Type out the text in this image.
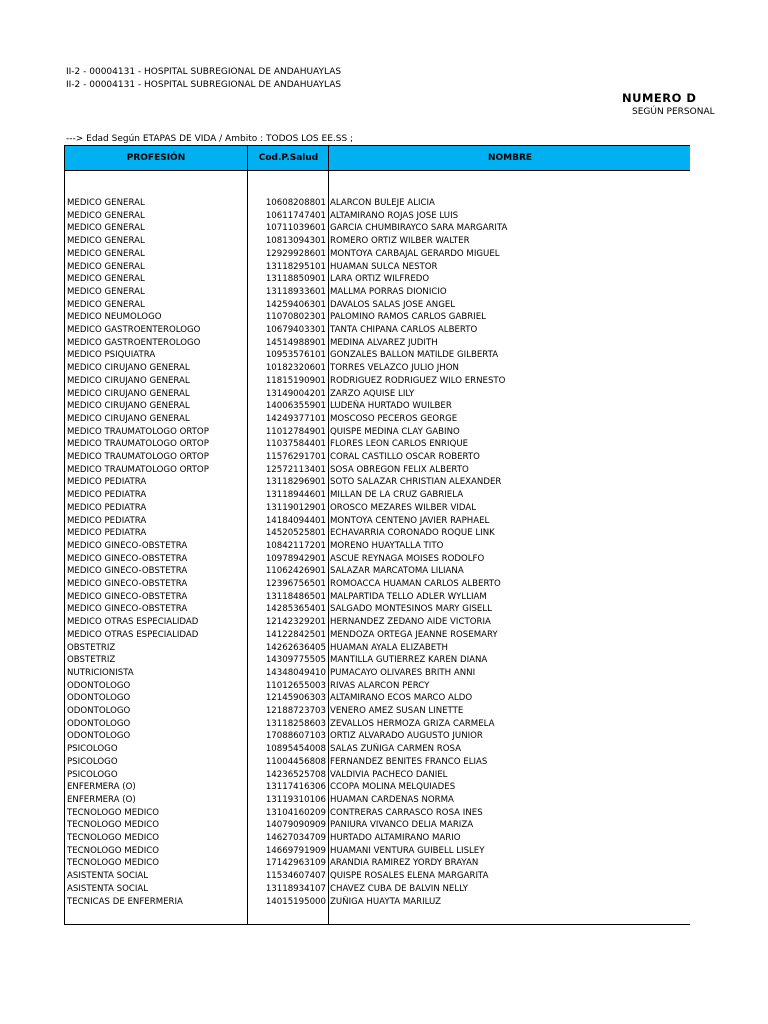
II-2 - 00004131 - HOSPITAL SUBREGIONAL DE ANDAHUAYLAS
II-2 - 00004131 - HOSPITAL SUBREGIONAL DE ANDAHUAYLAS
NUMERO D
SEGÚN PERSONAL
---> Edad Según ETAPAS DE VIDA / Ambito : TODOS LOS EE.SS ;
PROFESIÓN	Cod.P.Salud	NOMBRE
MEDICO GENERAL	10608208801 ALARCON BULEJE ALICIA
MEDICO GENERAL	10611747401 ALTAMIRANO ROJAS JOSE LUIS
MEDICO GENERAL	10711039601 GARCIA CHUMBIRAYCO SARA MARGARITA
MEDICO GENERAL	10813094301 ROMERO ORTIZ WILBER WALTER
MEDICO GENERAL	12929928601 MONTOYA CARBAJAL GERARDO MIGUEL
MEDICO GENERAL	13118295101 HUAMAN SULCA NESTOR
MEDICO GENERAL	13118850901 LARA ORTIZ WILFREDO
MEDICO GENERAL	13118933601 MALLMA PORRAS DIONICIO
MEDICO GENERAL	14259406301 DAVALOS SALAS JOSE ANGEL
MEDICO NEUMOLOGO	11070802301 PALOMINO RAMOS CARLOS GABRIEL
MEDICO GASTROENTEROLOGO	10679403301 TANTA CHIPANA CARLOS ALBERTO
MEDICO GASTROENTEROLOGO	14514988901 MEDINA ALVAREZ JUDITH
MEDICO PSIQUIATRA	10953576101 GONZALES BALLON MATILDE GILBERTA
MEDICO CIRUJANO GENERAL	10182320601 TORRES VELAZCO JULIO JHON
MEDICO CIRUJANO GENERAL	11815190901 RODRIGUEZ RODRIGUEZ WILO ERNESTO
MEDICO CIRUJANO GENERAL	13149004201 ZARZO AQUISE LILY
MEDICO CIRUJANO GENERAL	14006355901 LUDEÑA HURTADO WUILBER
MEDICO CIRUJANO GENERAL	14249377101 MOSCOSO PECEROS GEORGE
MEDICO TRAUMATOLOGO ORTOP	11012784901 QUISPE MEDINA CLAY GABINO
MEDICO TRAUMATOLOGO ORTOP	11037584401 FLORES LEON CARLOS ENRIQUE
MEDICO TRAUMATOLOGO ORTOP	11576291701 CORAL CASTILLO OSCAR ROBERTO
MEDICO TRAUMATOLOGO ORTOP	12572113401 SOSA OBREGON FELIX ALBERTO
MEDICO PEDIATRA	13118296901 SOTO SALAZAR CHRISTIAN ALEXANDER
MEDICO PEDIATRA	13118944601 MILLAN DE LA CRUZ GABRIELA
MEDICO PEDIATRA	13119012901 OROSCO MEZARES WILBER VIDAL
MEDICO PEDIATRA	14184094401 MONTOYA CENTENO JAVIER RAPHAEL
MEDICO PEDIATRA	14520525801 ECHAVARRIA CORONADO ROQUE LINK
MEDICO GINECO-OBSTETRA	10842117201 MORENO HUAYTALLA TITO
MEDICO GINECO-OBSTETRA	10978942901 ASCUE REYNAGA MOISES RODOLFO
MEDICO GINECO-OBSTETRA	11062426901 SALAZAR MARCATOMA LILIANA
MEDICO GINECO-OBSTETRA	12396756501 ROMOACCA HUAMAN CARLOS ALBERTO
MEDICO GINECO-OBSTETRA	13118486501 MALPARTIDA TELLO ADLER WYLLIAM
MEDICO GINECO-OBSTETRA	14285365401 SALGADO MONTESINOS MARY GISELL
MEDICO OTRAS ESPECIALIDAD	12142329201 HERNANDEZ ZEDANO AIDE VICTORIA
MEDICO OTRAS ESPECIALIDAD	14122842501 MENDOZA ORTEGA JEANNE ROSEMARY
OBSTETRIZ	14262636405 HUAMAN AYALA ELIZABETH
OBSTETRIZ	14309775505 MANTILLA GUTIERREZ KAREN DIANA
NUTRICIONISTA	14348049410 PUMACAYO OLIVARES BRITH ANNI
ODONTOLOGO	11012655003 RIVAS ALARCON PERCY
ODONTOLOGO	12145906303 ALTAMIRANO ECOS MARCO ALDO
ODONTOLOGO	12188723703 VENERO AMEZ SUSAN LINETTE
ODONTOLOGO	13118258603 ZEVALLOS HERMOZA GRIZA CARMELA
ODONTOLOGO	17088607103 ORTIZ ALVARADO AUGUSTO JUNIOR
PSICOLOGO	10895454008 SALAS ZUÑIGA CARMEN ROSA
PSICOLOGO	11004456808 FERNANDEZ BENITES FRANCO ELIAS
PSICOLOGO	14236525708 VALDIVIA PACHECO DANIEL
ENFERMERA (O)	13117416306 CCOPA MOLINA MELQUIADES
ENFERMERA (O)	13119310106 HUAMAN CARDENAS NORMA
TECNOLOGO MEDICO	13104160209 CONTRERAS CARRASCO ROSA INES
TECNOLOGO MEDICO	14079090909 PANIURA VIVANCO DELIA MARIZA
TECNOLOGO MEDICO	14627034709 HURTADO ALTAMIRANO MARIO
TECNOLOGO MEDICO	14669791909 HUAMANI VENTURA GUIBELL LISLEY
TECNOLOGO MEDICO	17142963109 ARANDIA RAMIREZ YORDY BRAYAN
ASISTENTA SOCIAL	11534607407 QUISPE ROSALES ELENA MARGARITA
ASISTENTA SOCIAL	13118934107 CHAVEZ CUBA DE BALVIN NELLY
TECNICAS DE ENFERMERIA	14015195000 ZUÑIGA HUAYTA MARILUZ
